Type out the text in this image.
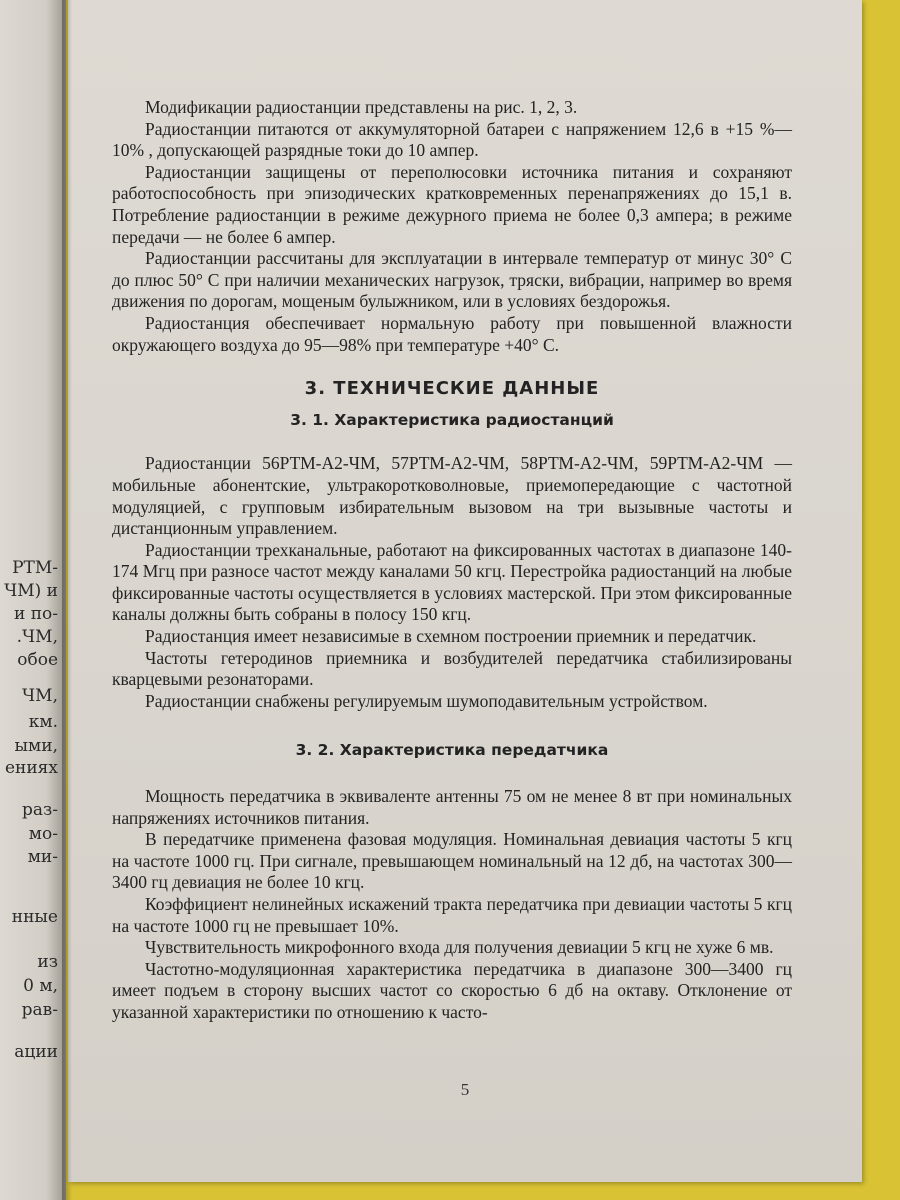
РТМ-
ЧМ) и
и по-
.ЧМ,
обое
ЧМ,
км.
ыми,
ениях
раз-
мо-
ми-
нные
из
0 м,
рав-
ации

Модификации радиостанции представлены на рис. 1, 2, 3.

Радиостанции питаются от аккумуляторной батареи с напряжением 12,6 в +15 %—10% , допускающей разрядные токи до 10 ампер.

Радиостанции защищены от переполюсовки источника питания и сохраняют работоспособность при эпизодических кратковременных перенапряжениях до 15,1 в. Потребление радиостанции в режиме дежурного приема не более 0,3 ампера; в режиме передачи — не более 6 ампер.

Радиостанции рассчитаны для эксплуатации в интервале температур от минус 30° С до плюс 50° С при наличии механических нагрузок, тряски, вибрации, например во время движения по дорогам, мощеным булыжником, или в условиях бездорожья.

Радиостанция обеспечивает нормальную работу при повышенной влажности окружающего воздуха до 95—98% при температуре +40° С.

3. ТЕХНИЧЕСКИЕ ДАННЫЕ
3. 1. Характеристика радиостанций

Радиостанции 56РТМ-А2-ЧМ, 57РТМ-А2-ЧМ, 58РТМ-А2-ЧМ, 59РТМ-А2-ЧМ — мобильные абонентские, ультракоротковолновые, приемопередающие с частотной модуляцией, с групповым избирательным вызовом на три вызывные частоты и дистанционным управлением.

Радиостанции трехканальные, работают на фиксированных частотах в диапазоне 140-174 Мгц при разносе частот между каналами 50 кгц. Перестройка радиостанций на любые фиксированные частоты осуществляется в условиях мастерской. При этом фиксированные каналы должны быть собраны в полосу 150 кгц.

Радиостанция имеет независимые в схемном построении приемник и передатчик.

Частоты гетеродинов приемника и возбудителей передатчика стабилизированы кварцевыми резонаторами.

Радиостанции снабжены регулируемым шумоподавительным устройством.

3. 2. Характеристика передатчика

Мощность передатчика в эквиваленте антенны 75 ом не менее 8 вт при номинальных напряжениях источников питания.

В передатчике применена фазовая модуляция. Номинальная девиация частоты 5 кгц на частоте 1000 гц. При сигнале, превышающем номинальный на 12 дб, на частотах 300—3400 гц девиация не более 10 кгц.

Коэффициент нелинейных искажений тракта передатчика при девиации частоты 5 кгц на частоте 1000 гц не превышает 10%.

Чувствительность микрофонного входа для получения девиации 5 кгц не хуже 6 мв.

Частотно-модуляционная характеристика передатчика в диапазоне 300—3400 гц имеет подъем в сторону высших частот со скоростью 6 дб на октаву. Отклонение от указанной характеристики по отношению к часто-

5
